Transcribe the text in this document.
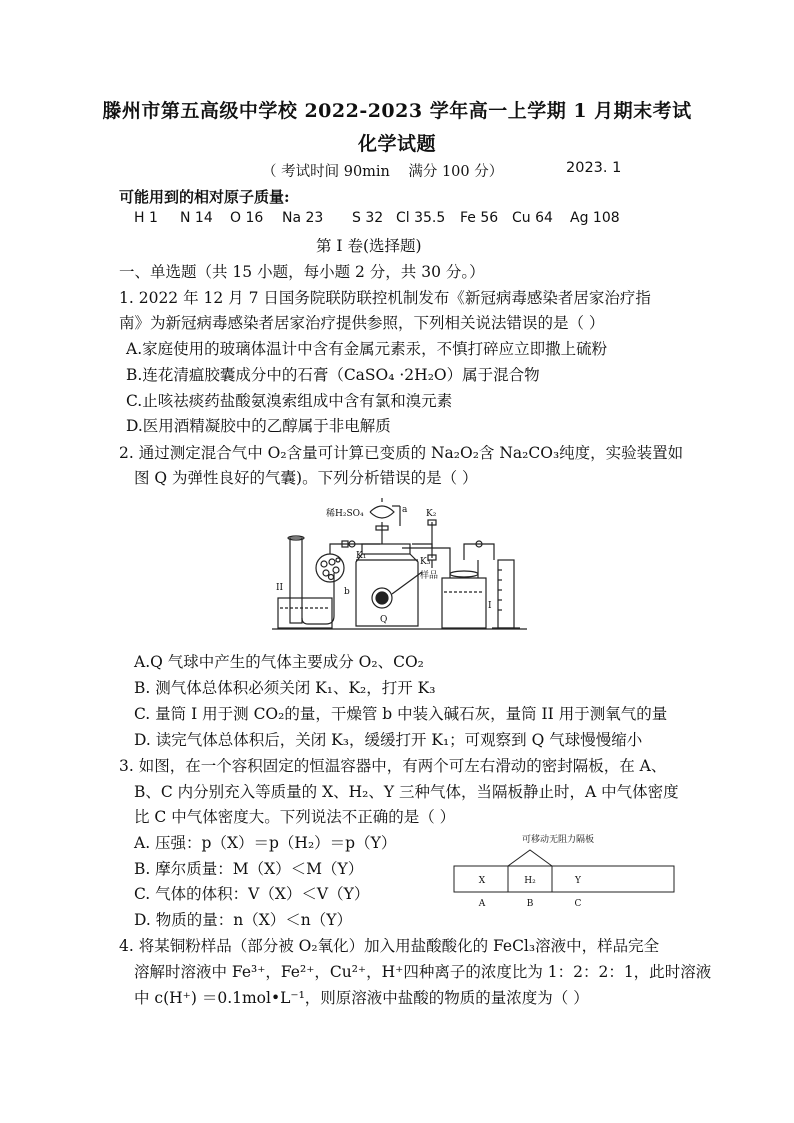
滕州市第五高级中学校 2022-2023 学年高一上学期 1 月期末考试
化学试题
（ 考试时间 90min    满分 100 分）	2023. 1
可能用到的相对原子质量:
H 1 N 14 O 16 Na 23 S 32 Cl 35.5 Fe 56 Cu 64 Ag 108
第 I 卷(选择题)
一、单选题（共 15 小题，每小题 2 分，共 30 分。）
1. 2022 年 12 月 7 日国务院联防联控机制发布《新冠病毒感染者居家治疗指
南》为新冠病毒感染者居家治疗提供参照，下列相关说法错误的是（ ）
A.家庭使用的玻璃体温计中含有金属元素汞，不慎打碎应立即撒上硫粉
B.连花清瘟胶囊成分中的石膏（CaSO₄ ·2H₂O）属于混合物
C.止咳祛痰药盐酸氨溴索组成中含有氯和溴元素
D.医用酒精凝胶中的乙醇属于非电解质
2. 通过测定混合气中 O₂含量可计算已变质的 Na₂O₂含 Na₂CO₃纯度，实验装置如
图 Q 为弹性良好的气囊)。下列分析错误的是（ ）
稀H₂SO₄	a
K₁
K₂
K₃
b
样品
Q
II
I
A.Q 气球中产生的气体主要成分 O₂、CO₂
B. 测气体总体积必须关闭 K₁、K₂，打开 K₃
C. 量筒 I 用于测 CO₂的量，干燥管 b 中装入碱石灰，量筒 II 用于测氧气的量
D. 读完气体总体积后，关闭 K₃，缓缓打开 K₁；可观察到 Q 气球慢慢缩小
3. 如图，在一个容积固定的恒温容器中，有两个可左右滑动的密封隔板，在 A、
B、C 内分别充入等质量的 X、H₂、Y 三种气体，当隔板静止时，A 中气体密度
比 C 中气体密度大。下列说法不正确的是（ ）
A. 压强：p（X）＝p（H₂）＝p（Y）
B. 摩尔质量：M（X）＜M（Y）
C. 气体的体积：V（X）＜V（Y）
D. 物质的量：n（X）＜n（Y）
可移动无阻力隔板
X	H₂	Y
A	B	C
4. 将某铜粉样品（部分被 O₂氧化）加入用盐酸酸化的 FeCl₃溶液中，样品完全
溶解时溶液中 Fe³⁺，Fe²⁺，Cu²⁺，H⁺四种离子的浓度比为 1：2：2：1，此时溶液
中 c(H⁺) ＝0.1mol•L⁻¹，则原溶液中盐酸的物质的量浓度为（ ）
